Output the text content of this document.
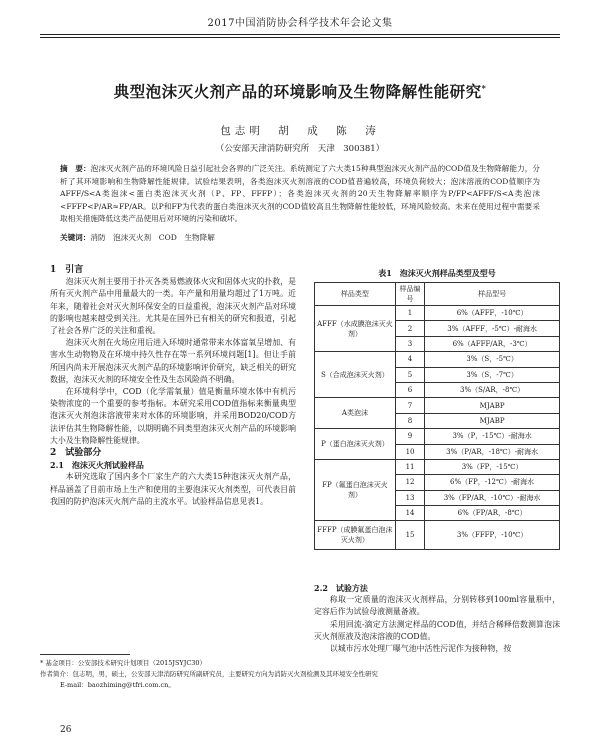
2017中国消防协会科学技术年会论文集
典型泡沫灭火剂产品的环境影响及生物降解性能研究*
包志明　胡　成　陈　涛
（公安部天津消防研究所　天津　300381）
摘　要：泡沫灭火剂产品的环境风险日益引起社会各界的广泛关注。系统测定了六大类15种典型泡沫灭火剂产品的COD值及生物降解能力，分析了其环境影响和生物降解性能规律。试验结果表明，各类泡沫灭火剂溶液的COD值普遍较高，环境负荷较大；泡沫溶液的COD值顺序为AFFF/S<A类泡沫<蛋白类泡沫灭火剂（P、FP、FFFP）；各类泡沫灭火剂的20天生物降解率顺序为P/FP<AFFF/S<A类泡沫<FFFP<P/AR≈FP/AR。以P和FP为代表的蛋白类泡沫灭火剂的COD值较高且生物降解性能较低，环境风险较高。未来在使用过程中需要采取相关措施降低这类产品使用后对环境的污染和破坏。
关键词：消防　泡沫灭火剂　COD　生物降解

1　引言

泡沫灭火剂主要用于扑灭各类易燃液体火灾和固体火灾的扑救，是所有灭火剂产品中用量最大的一类。年产量和用量均超过了1万吨。近年来，随着社会对灭火剂环保安全的日益重视，泡沫灭火剂产品对环境的影响也越来越受到关注。尤其是在国外已有相关的研究和报道，引起了社会各界广泛的关注和重视。

泡沫灭火剂在火场应用后进入环境时通常带来水体富氧呈增加、有害水生动物物及在环境中持久性存在等一系列环境问题[1]。但让手前所国内尚未开展泡沫灭火剂产品的环境影响评价研究，缺乏相关的研究数据，泡沫灭火剂的环境安全性及生态风险尚不明确。

在环境科学中，COD（化学需氧量）值是衡量环境水体中有机污染物浓度的一个重要的参考指标。本研究采用COD值指标来衡量典型泡沫灭火剂泡沫溶液带来对水体的环境影响，并采用BOD20/COD方法评估其生物降解性能，以期明确不同类型泡沫灭火剂产品的环境影响大小及生物降解性能规律。

2　试验部分

2.1　泡沫灭火剂试验样品

本研究选取了国内多个厂家生产的六大类15种泡沫灭火剂产品，样品涵盖了目前市场上生产和使用的主要泡沫灭火剂类型，可代表目前我国的防护泡沫灭火剂产品的主流水平。试验样品信息见表1。

表1　泡沫灭火剂样品类型及型号
样品类型	样品编号	样品型号
AFFF（水成膜泡沫灭火剂）	1	6%（AFFF，-10℃）
	2	3%（AFFF，-5℃）-耐海水
	3	6%（AFFF/AR，-3℃）
S（合成泡沫灭火剂）	4	3%（S，-5℃）
	5	3%（S，-7℃）
	6	3%（S/AR，-8℃）
A类泡沫	7	MJABP
	8	MJABP
P（蛋白泡沫灭火剂）	9	3%（P，-15℃）-耐海水
	10	3%（P/AR，-18℃）-耐海水
FP（氟蛋白泡沫灭火剂）	11	3%（FP，-15℃）
	12	6%（FP，-12℃）-耐海水
	13	3%（FP/AR，-10℃）-耐海水
	14	6%（FP/AR，-8℃）
FFFP（成膜氟蛋白泡沫灭火剂）	15	3%（FFFP，-10℃）

2.2　试验方法

称取一定质量的泡沫灭火剂样品，分别转移到100ml容量瓶中，定容后作为试验母液测量备液。

采用回流-滴定方法测定样品的COD值，并结合稀释倍数测算泡沫灭火剂原液及泡沫溶液的COD值。

以城市污水处理厂曝气池中活性污泥作为接种物，按

* 基金项目：公安部技术研究计划项目（2015JSYJC30）
作者简介：包志明，男，硕士，公安部天津消防研究所副研究员，主要研究方向为消防灭火剂检测及其环境安全性研究
E-mail：baozhiming@tfri.com.cn。
26
